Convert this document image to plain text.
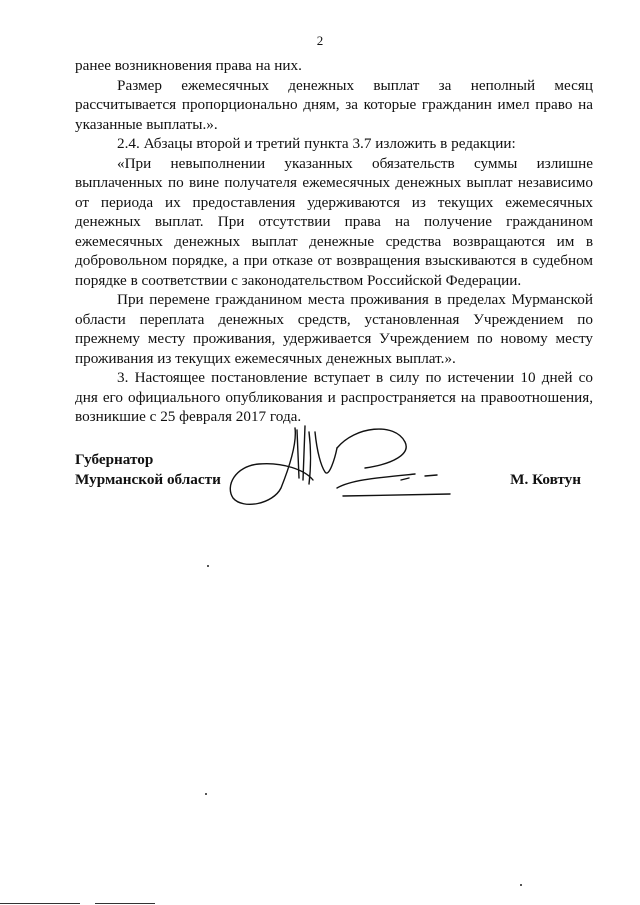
2

ранее возникновения права на них.

Размер ежемесячных денежных выплат за неполный месяц рассчитывается пропорционально дням, за которые гражданин имел право на указанные выплаты.».

2.4. Абзацы второй и третий пункта 3.7 изложить в редакции:

«При невыполнении указанных обязательств суммы излишне выплаченных по вине получателя ежемесячных денежных выплат независимо от периода их предоставления удерживаются из текущих ежемесячных денежных выплат. При отсутствии права на получение гражданином ежемесячных денежных выплат денежные средства возвращаются им в добровольном порядке, а при отказе от возвращения взыскиваются в судебном порядке в соответствии с законодательством Российской Федерации.

При перемене гражданином места проживания в пределах Мурманской области переплата денежных средств, установленная Учреждением по прежнему месту проживания, удерживается Учреждением по новому месту проживания из текущих ежемесячных денежных выплат.».

3. Настоящее постановление вступает в силу по истечении 10 дней со дня его официального опубликования и распространяется на правоотношения, возникшие с 25 февраля 2017 года.

Губернатор
Мурманской области	М. Ковтун
